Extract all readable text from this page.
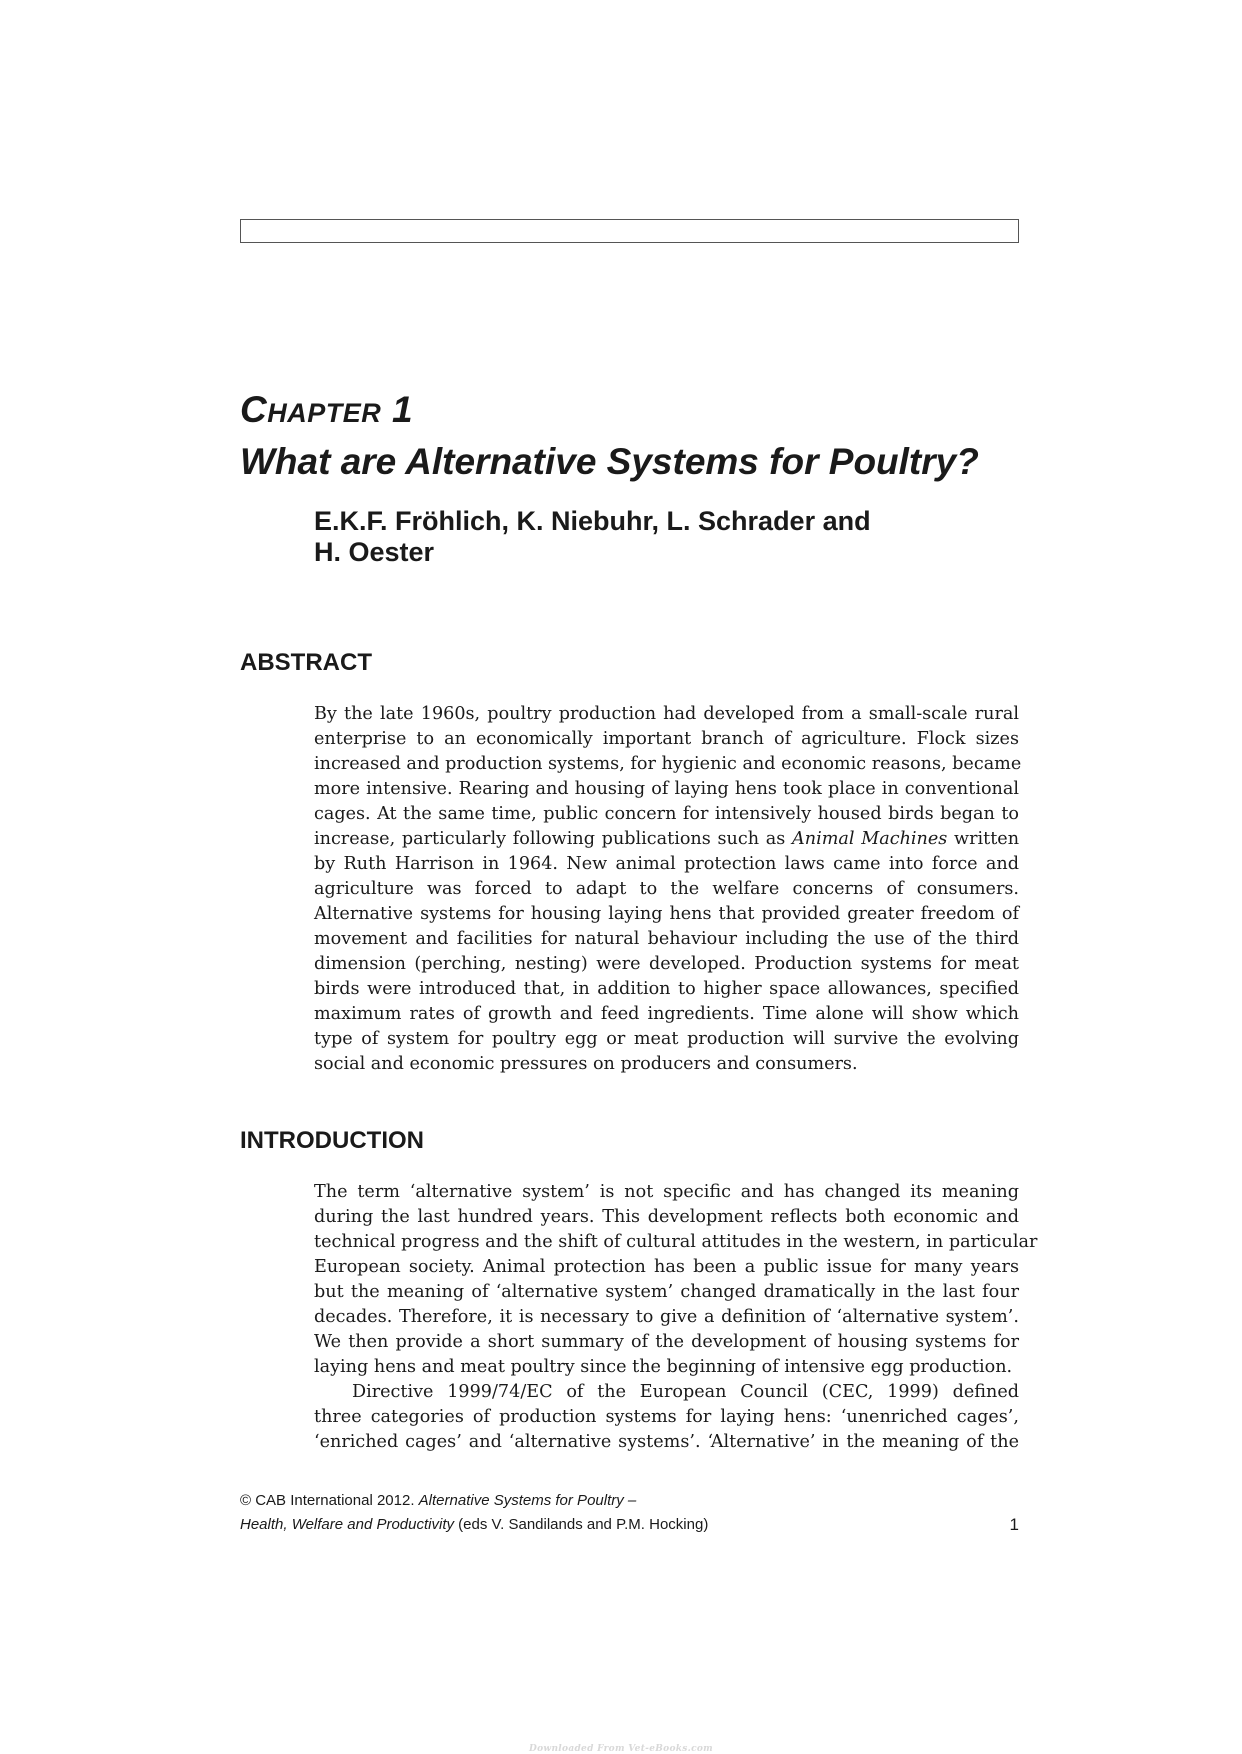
CHAPTER 1
What are Alternative Systems for Poultry?
E.K.F. Fröhlich, K. Niebuhr, L. Schrader and
H. Oester
ABSTRACT
By the late 1960s, poultry production had developed from a small-scale rural
enterprise to an economically important branch of agriculture. Flock sizes
increased and production systems, for hygienic and economic reasons, became
more intensive. Rearing and housing of laying hens took place in conventional
cages. At the same time, public concern for intensively housed birds began to
increase, particularly following publications such as Animal Machines written
by Ruth Harrison in 1964. New animal protection laws came into force and
agriculture was forced to adapt to the welfare concerns of consumers.
Alternative systems for housing laying hens that provided greater freedom of
movement and facilities for natural behaviour including the use of the third
dimension (perching, nesting) were developed. Production systems for meat
birds were introduced that, in addition to higher space allowances, specified
maximum rates of growth and feed ingredients. Time alone will show which
type of system for poultry egg or meat production will survive the evolving
social and economic pressures on producers and consumers.
INTRODUCTION
The term ‘alternative system’ is not specific and has changed its meaning
during the last hundred years. This development reflects both economic and
technical progress and the shift of cultural attitudes in the western, in particular
European society. Animal protection has been a public issue for many years
but the meaning of ‘alternative system’ changed dramatically in the last four
decades. Therefore, it is necessary to give a definition of ‘alternative system’.
We then provide a short summary of the development of housing systems for
laying hens and meat poultry since the beginning of intensive egg production.
Directive 1999/74/EC of the European Council (CEC, 1999) defined
three categories of production systems for laying hens: ‘unenriched cages’,
‘enriched cages’ and ‘alternative systems’. ‘Alternative’ in the meaning of the
© CAB International 2012. Alternative Systems for Poultry –
Health, Welfare and Productivity (eds V. Sandilands and P.M. Hocking)	1
Downloaded From Vet-eBooks.com
